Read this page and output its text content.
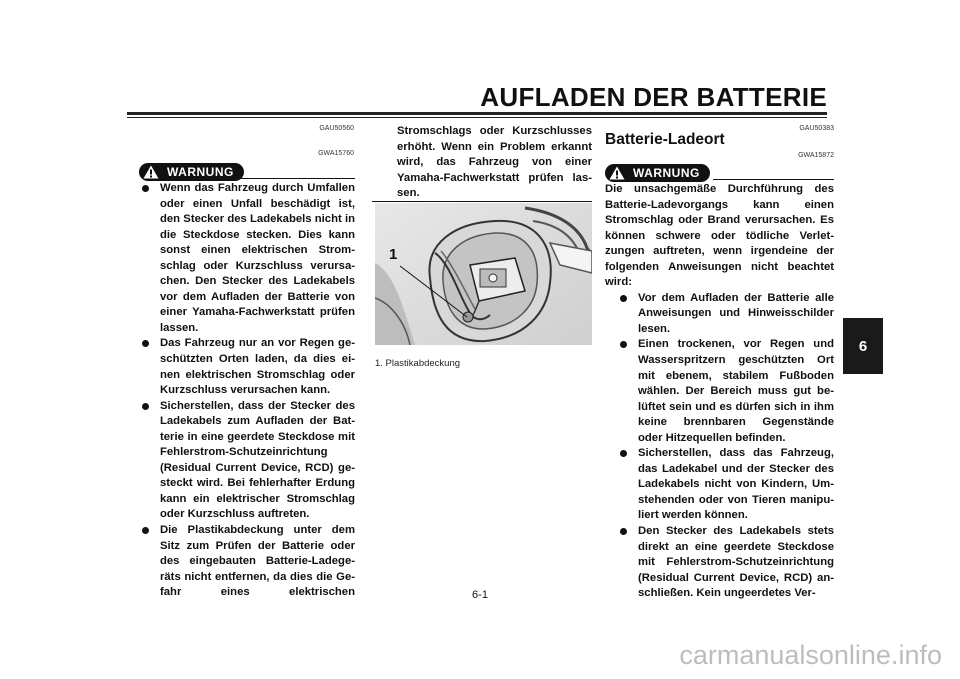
AUFLADEN DER BATTERIE
6
GAU50560
GWA15760
WARNUNG
Wenn das Fahrzeug durch Umfallen oder einen Unfall beschädigt ist, den Stecker des Ladekabels nicht in die Steckdose stecken. Dies kann sonst einen elektrischen Strom-schlag oder Kurzschluss verursa-chen. Den Stecker des Ladekabels vor dem Aufladen der Batterie von einer Yamaha-Fachwerkstatt prüfen lassen.
Das Fahrzeug nur an vor Regen ge-schützten Orten laden, da dies ei-nen elektrischen Stromschlag oder Kurzschluss verursachen kann.
Sicherstellen, dass der Stecker des Ladekabels zum Aufladen der Bat-terie in eine geerdete Steckdose mit Fehlerstrom-Schutzeinrichtung (Residual Current Device, RCD) ge-steckt wird. Bei fehlerhafter Erdung kann ein elektrischer Stromschlag oder Kurzschluss auftreten.
Die Plastikabdeckung unter dem Sitz zum Prüfen der Batterie oder des eingebauten Batterie-Ladege-räts nicht entfernen, da dies die Ge-fahr eines elektrischen

Stromschlags oder Kurzschlusses erhöht. Wenn ein Problem erkannt wird, das Fahrzeug von einer Yamaha-Fachwerkstatt prüfen las-sen.

1
1. Plastikabdeckung
GAU50383
Batterie-Ladeort
GWA15872
WARNUNG

Die unsachgemäße Durchführung des Batterie-Ladevorgangs kann einen Stromschlag oder Brand verursachen. Es können schwere oder tödliche Verlet-zungen auftreten, wenn irgendeine der folgenden Anweisungen nicht beachtet wird:

Vor dem Aufladen der Batterie alle Anweisungen und Hinweisschilder lesen.
Einen trockenen, vor Regen und Wasserspritzern geschützten Ort mit ebenem, stabilem Fußboden wählen. Der Bereich muss gut be-lüftet sein und es dürfen sich in ihm keine brennbaren Gegenstände oder Hitzequellen befinden.
Sicherstellen, dass das Fahrzeug, das Ladekabel und der Stecker des Ladekabels nicht von Kindern, Um-stehenden oder von Tieren manipu-liert werden können.
Den Stecker des Ladekabels stets direkt an eine geerdete Steckdose mit Fehlerstrom-Schutzeinrichtung (Residual Current Device, RCD) an-schließen. Kein ungeerdetes Ver-
6-1
carmanualsonline.info
